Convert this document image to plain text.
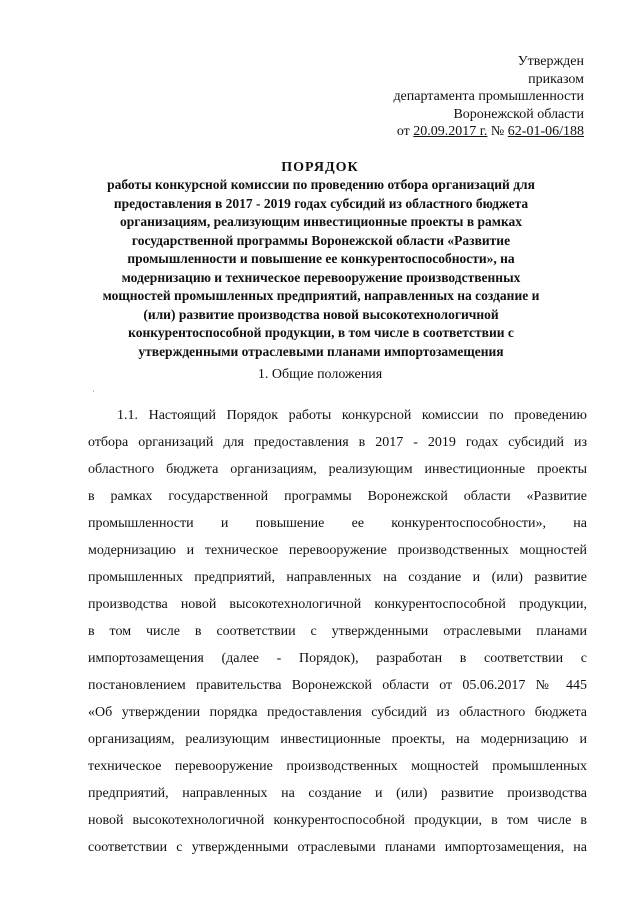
Утвержден
приказом
департамента промышленности
Воронежской области
от 20.09.2017 г. № 62-01-06/188
ПОРЯДОК
работы конкурсной комиссии по проведению отбора организаций для
предоставления в 2017 - 2019 годах субсидий из областного бюджета
организациям, реализующим инвестиционные проекты в рамках
государственной программы Воронежской области «Развитие
промышленности и повышение ее конкурентоспособности», на
модернизацию и техническое перевооружение производственных
мощностей промышленных предприятий, направленных на создание и
(или) развитие производства новой высокотехнологичной
конкурентоспособной продукции, в том числе в соответствии с
утвержденными отраслевыми планами импортозамещения
1. Общие положения
1.1. Настоящий Порядок работы конкурсной комиссии по проведению
отбора организаций для предоставления в 2017 - 2019 годах субсидий из
областного бюджета организациям, реализующим инвестиционные проекты
в рамках государственной программы Воронежской области «Развитие
промышленности и повышение ее конкурентоспособности», на
модернизацию и техническое перевооружение производственных мощностей
промышленных предприятий, направленных на создание и (или) развитие
производства новой высокотехнологичной конкурентоспособной продукции,
в том числе в соответствии с утвержденными отраслевыми планами
импортозамещения (далее - Порядок), разработан в соответствии с
постановлением правительства Воронежской области от 05.06.2017 № 445
«Об утверждении порядка предоставления субсидий из областного бюджета
организациям, реализующим инвестиционные проекты, на модернизацию и
техническое перевооружение производственных мощностей промышленных
предприятий, направленных на создание и (или) развитие производства
новой высокотехнологичной конкурентоспособной продукции, в том числе в
соответствии с утвержденными отраслевыми планами импортозамещения, на
